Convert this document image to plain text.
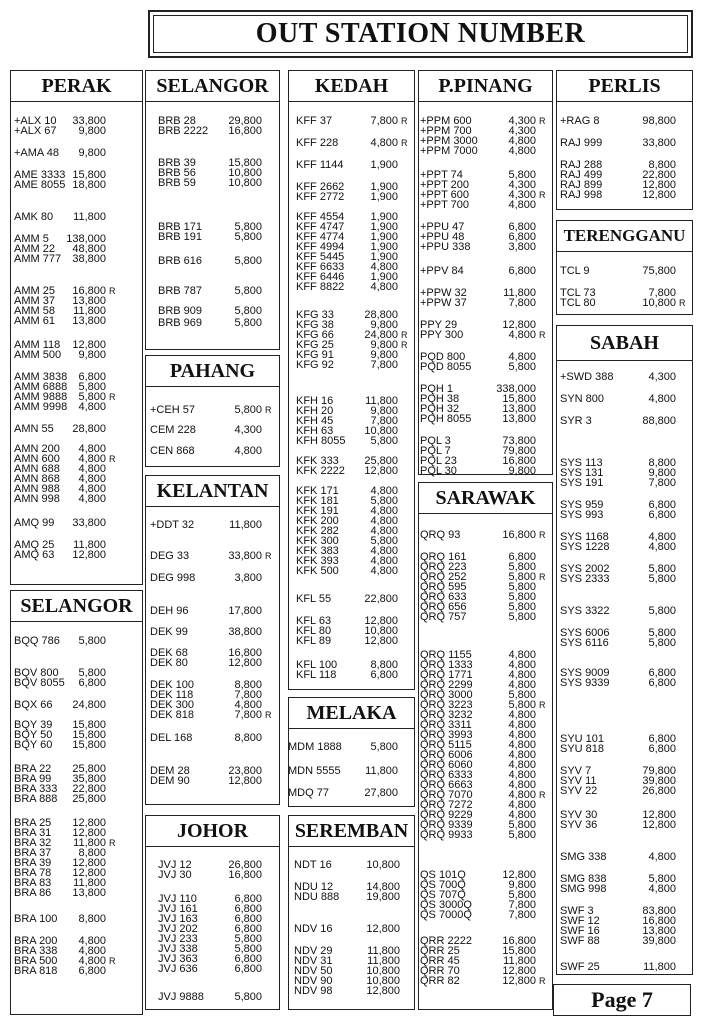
OUT STATION NUMBER
PERAK
+ALX 10	33,800
+ALX 67	9,800
+AMA 48	9,800
AME 3333 15,800
AME 8055 18,800
AMK 80	11,800
AMM 5	138,000
AMM 22	48,800
AMM 777	38,800
AMM 25	16,800 R
AMM 37	13,800
AMM 58	11,800
AMM 61	13,800
AMM 118	12,800
AMM 500	9,800
AMM 3838	6,800
AMM 6888	5,800
AMM 9888	5,800 R
AMM 9998	4,800
AMN 55	28,800
AMN 200	4,800
AMN 600	4,800 R
AMN 688	4,800
AMN 868	4,800
AMN 988	4,800
AMN 998	4,800
AMQ 99	33,800
AMQ 25	11,800
AMQ 63	12,800
SELANGOR
BQQ 786	5,800
BQV 800	5,800
BQV 8055	6,800
BQX 66	24,800
BQY 39	15,800
BQY 50	15,800
BQY 60	15,800
BRA 22	25,800
BRA 99	35,800
BRA 333	22,800
BRA 888	25,800
BRA 25	12,800
BRA 31	12,800
BRA 32	11,800 R
BRA 37	8,800
BRA 39	12,800
BRA 78	12,800
BRA 83	11,800
BRA 86	13,800
BRA 100	8,800
BRA 200	4,800
BRA 338	4,800
BRA 500	4,800 R
BRA 818	6,800
SELANGOR
BRB 28	29,800
BRB 2222	16,800
BRB 39	15,800
BRB 56	10,800
BRB 59	10,800
BRB 171	5,800
BRB 191	5,800
BRB 616	5,800
BRB 787	5,800
BRB 909	5,800
BRB 969	5,800
PAHANG
+CEH 57	5,800 R
CEM 228	4,300
CEN 868	4,800
KELANTAN
+DDT 32	11,800
DEG 33	33,800 R
DEG 998	3,800
DEH 96	17,800
DEK 99	38,800
DEK 68	16,800
DEK 80	12,800
DEK 100	8,800
DEK 118	7,800
DEK 300	4,800
DEK 818	7,800 R
DEL 168	8,800
DEM 28	23,800
DEM 90	12,800
JOHOR
JVJ 12	26,800
JVJ 30	16,800
JVJ 110	6,800
JVJ 161	6,800
JVJ 163	6,800
JVJ 202	6,800
JVJ 233	5,800
JVJ 338	5,800
JVJ 363	6,800
JVJ 636	6,800
JVJ 9888	5,800
KEDAH
KFF 37	7,800 R
KFF 228	4,800 R
KFF 1144	1,900
KFF 2662	1,900
KFF 2772	1,900
KFF 4554	1,900
KFF 4747	1,900
KFF 4774	1,900
KFF 4994	1,900
KFF 5445	1,900
KFF 6633	4,800
KFF 6446	1,900
KFF 8822	4,800
KFG 33	28,800
KFG 38	9,800
KFG 66	24,800 R
KFG 25	9,800 R
KFG 91	9,800
KFG 92	7,800
KFH 16	11,800
KFH 20	9,800
KFH 45	7,800
KFH 63	10,800
KFH 8055	5,800
KFK 333	25,800
KFK 2222	12,800
KFK 171	4,800
KFK 181	5,800
KFK 191	4,800
KFK 200	4,800
KFK 282	4,800
KFK 300	5,800
KFK 383	4,800
KFK 393	4,800
KFK 500	4,800
KFL 55	22,800
KFL 63	12,800
KFL 80	10,800
KFL 89	12,800
KFL 100	8,800
KFL 118	6,800
MELAKA
MDM 1888	5,800
MDN 5555	11,800
MDQ 77	27,800
SEREMBAN
NDT 16	10,800
NDU 12	14,800
NDU 888	19,800
NDV 16	12,800
NDV 29	11,800
NDV 31	11,800
NDV 50	10,800
NDV 90	10,800
NDV 98	12,800
P.PINANG
+PPM 600	4,300 R
+PPM 700	4,300
+PPM 3000	4,800
+PPM 7000	4,800
+PPT 74	5,800
+PPT 200	4,300
+PPT 600	4,300 R
+PPT 700	4,800
+PPU 47	6,800
+PPU 48	6,800
+PPU 338	3,800
+PPV 84	6,800
+PPW 32	11,800
+PPW 37	7,800
PPY 29	12,800
PPY 300	4,800 R
PQD 800	4,800
PQD 8055	5,800
PQH 1	338,000
PQH 38	15,800
PQH 32	13,800
PQH 8055	13,800
PQL 3	73,800
PQL 7	79,800
PQL 23	16,800
PQL 30	9,800
SARAWAK
QRQ 93	16,800 R
QRQ 161	6,800
QRQ 223	5,800
QRQ 252	5,800 R
QRQ 595	5,800
QRQ 633	5,800
QRQ 656	5,800
QRQ 757	5,800
QRQ 1155	4,800
QRQ 1333	4,800
QRQ 1771	4,800
QRQ 2299	4,800
QRQ 3000	5,800
QRQ 3223	5,800 R
QRQ 3232	4,800
QRQ 3311	4,800
QRQ 3993	4,800
QRQ 5115	4,800
QRQ 6006	4,800
QRQ 6060	4,800
QRQ 6333	4,800
QRQ 6663	4,800
QRQ 7070	4,800 R
QRQ 7272	4,800
QRQ 9229	4,800
QRQ 9339	5,800
QRQ 9933	5,800
QS 101Q	12,800
QS 700Q	9,800
QS 707Q	5,800
QS 3000Q	7,800
QS 7000Q	7,800
QRR 2222	16,800
QRR 25	15,800
QRR 45	11,800
QRR 70	12,800
QRR 82	12,800 R
PERLIS
+RAG 8	98,800
RAJ 999	33,800
RAJ 288	8,800
RAJ 499	22,800
RAJ 899	12,800
RAJ 998	12,800
TERENGGANU
TCL 9	75,800
TCL 73	7,800
TCL 80	10,800 R
SABAH
+SWD 388	4,300
SYN 800	4,800
SYR 3	88,800
SYS 113	8,800
SYS 131	9,800
SYS 191	7,800
SYS 959	6,800
SYS 993	6,800
SYS 1168	4,800
SYS 1228	4,800
SYS 2002	5,800
SYS 2333	5,800
SYS 3322	5,800
SYS 6006	5,800
SYS 6116	5,800
SYS 9009	6,800
SYS 9339	6,800
SYU 101	6,800
SYU 818	6,800
SYV 7	79,800
SYV 11	39,800
SYV 22	26,800
SYV 30	12,800
SYV 36	12,800
SMG 338	4,800
SMG 838	5,800
SMG 998	4,800
SWF 3	83,800
SWF 12	16,800
SWF 16	13,800
SWF 88	39,800
SWF 25	11,800
Page 7
